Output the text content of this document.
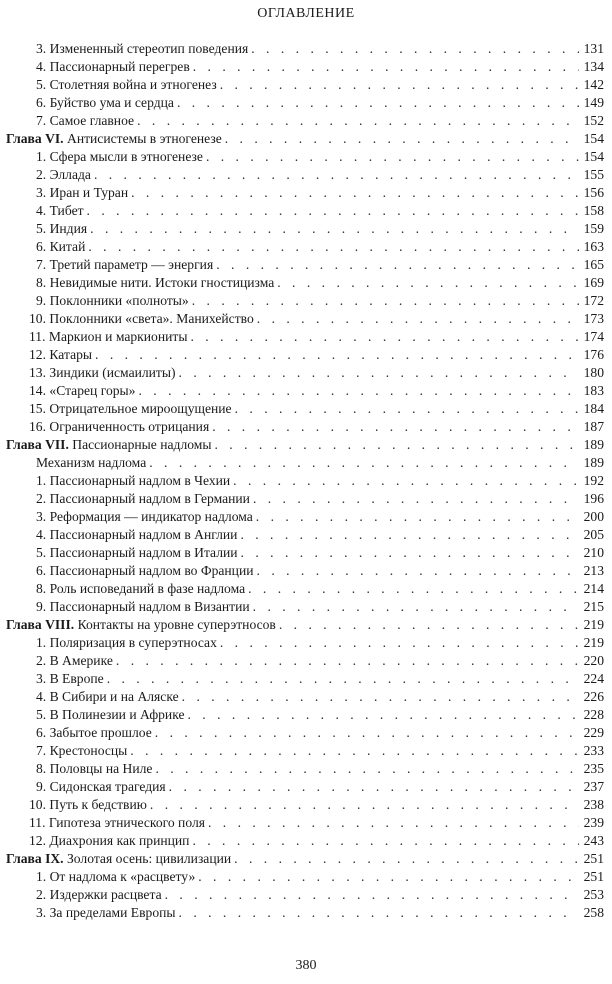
ОГЛАВЛЕНИЕ
3. Измененный стереотип поведения . . .	131
4. Пассионарный перегрев . . .	134
5. Столетняя война и этногенез . . .	142
6. Буйство ума и сердца . . .	149
7. Самое главное . . .	152
Глава VI. Антисистемы в этногенезе . . .	154
1. Сфера мысли в этногенезе . . .	154
2. Эллада . . .	155
3. Иран и Туран . . .	156
4. Тибет . . .	158
5. Индия . . .	159
6. Китай . . .	163
7. Третий параметр — энергия . . .	165
8. Невидимые нити. Истоки гностицизма . . .	169
9. Поклонники «полноты» . . .	172
10. Поклонники «света». Манихейство . . .	173
11. Маркион и маркиониты . . .	174
12. Катары . . .	176
13. Зиндики (исмаилиты) . . .	180
14. «Старец горы» . . .	183
15. Отрицательное мироощущение . . .	184
16. Ограниченность отрицания . . .	187
Глава VII. Пассионарные надломы . . .	189
Механизм надлома . . .	189
1. Пассионарный надлом в Чехии . . .	192
2. Пассионарный надлом в Германии . . .	196
3. Реформация — индикатор надлома . . .	200
4. Пассионарный надлом в Англии . . .	205
5. Пассионарный надлом в Италии . . .	210
6. Пассионарный надлом во Франции . . .	213
8. Роль исповеданий в фазе надлома . . .	214
9. Пассионарный надлом в Византии . . .	215
Глава VIII. Контакты на уровне суперэтносов . . .	219
1. Поляризация в суперэтносах . . .	219
2. В Америке . . .	220
3. В Европе . . .	224
4. В Сибири и на Аляске . . .	226
5. В Полинезии и Африке . . .	228
6. Забытое прошлое . . .	229
7. Крестоносцы . . .	233
8. Половцы на Ниле . . .	235
9. Сидонская трагедия . . .	237
10. Путь к бедствию . . .	238
11. Гипотеза этнического поля . . .	239
12. Диахрония как принцип . . .	243
Глава IX. Золотая осень: цивилизации . . .	251
1. От надлома к «расцвету» . . .	251
2. Издержки расцвета . . .	253
3. За пределами Европы . . .	258
380
